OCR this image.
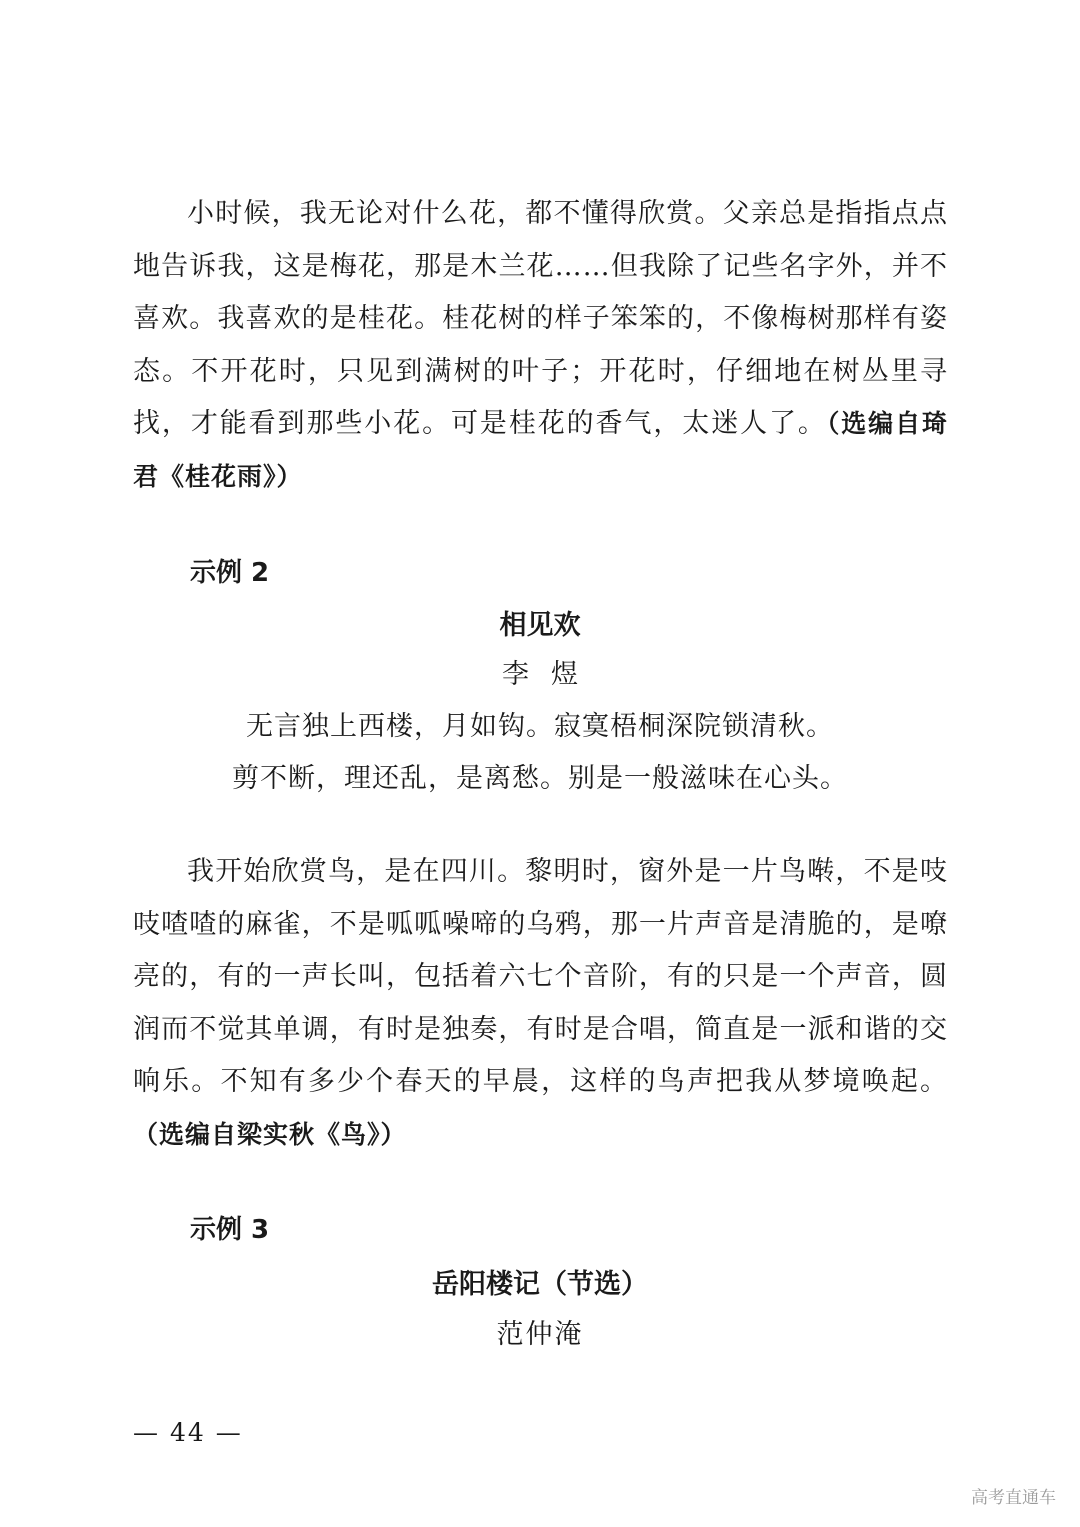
小时候，我无论对什么花，都不懂得欣赏。父亲总是指指点点地告诉我，这是梅花，那是木兰花……但我除了记些名字外，并不喜欢。我喜欢的是桂花。桂花树的样子笨笨的，不像梅树那样有姿态。不开花时，只见到满树的叶子；开花时，仔细地在树丛里寻找，才能看到那些小花。可是桂花的香气，太迷人了。（选编自琦君《桂花雨》）

示例 2

相见欢

李煜

无言独上西楼，月如钩。寂寞梧桐深院锁清秋。

剪不断，理还乱，是离愁。别是一般滋味在心头。

我开始欣赏鸟，是在四川。黎明时，窗外是一片鸟啭，不是吱吱喳喳的麻雀，不是呱呱噪啼的乌鸦，那一片声音是清脆的，是嘹亮的，有的一声长叫，包括着六七个音阶，有的只是一个声音，圆润而不觉其单调，有时是独奏，有时是合唱，简直是一派和谐的交响乐。不知有多少个春天的早晨，这样的鸟声把我从梦境唤起。（选编自梁实秋《鸟》）

示例 3

岳阳楼记（节选）

范仲淹

— 44 —

高考直通车
